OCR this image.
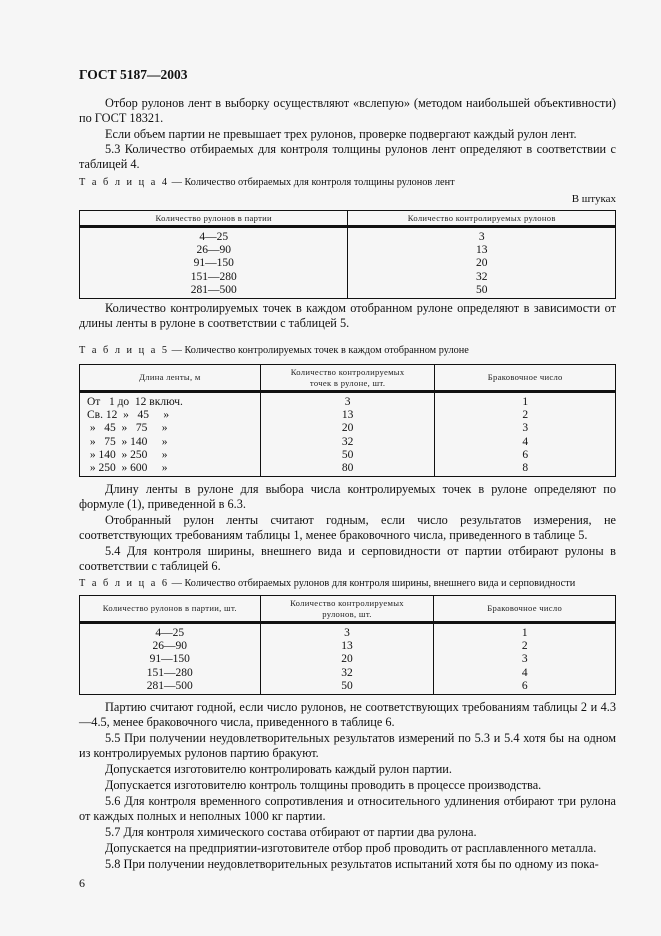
ГОСТ 5187—2003
Отбор рулонов лент в выборку осуществляют «вслепую» (методом наибольшей объективности) по ГОСТ 18321.
Если объем партии не превышает трех рулонов, проверке подвергают каждый рулон лент.
5.3 Количество отбираемых для контроля толщины рулонов лент определяют в соответствии с таблицей 4.
Т а б л и ц а 4 — Количество отбираемых для контроля толщины рулонов лент
В штуках
Количество рулонов в партии	Количество контролируемых рулонов
4—25	3
26—90	13
91—150	20
151—280	32
281—500	50
Количество контролируемых точек в каждом отобранном рулоне определяют в зависимости от длины ленты в рулоне в соответствии с таблицей 5.
Т а б л и ц а 5 — Количество контролируемых точек в каждом отобранном рулоне
Длина ленты, м	Количество контролируемых точек в рулоне, шт.	Браковочное число
От   1 до  12 включ.	3	1
Св. 12  »   45     »	13	2
»   45  »   75     »	20	3
»   75  » 140     »	32	4
» 140  » 250     »	50	6
» 250  » 600     »	80	8
Длину ленты в рулоне для выбора числа контролируемых точек в рулоне определяют по формуле (1), приведенной в 6.3.
Отобранный рулон ленты считают годным, если число результатов измерения, не соответствующих требованиям таблицы 1, менее браковочного числа, приведенного в таблице 5.
5.4 Для контроля ширины, внешнего вида и серповидности от партии отбирают рулоны в соответствии с таблицей 6.
Т а б л и ц а 6 — Количество отбираемых рулонов для контроля ширины, внешнего вида и серповидности
Количество рулонов в партии, шт.	Количество контролируемых рулонов, шт.	Браковочное число
4—25	3	1
26—90	13	2
91—150	20	3
151—280	32	4
281—500	50	6
Партию считают годной, если число рулонов, не соответствующих требованиям таблицы 2 и 4.3—4.5, менее браковочного числа, приведенного в таблице 6.
5.5 При получении неудовлетворительных результатов измерений по 5.3 и 5.4 хотя бы на одном из контролируемых рулонов партию бракуют.
Допускается изготовителю контролировать каждый рулон партии.
Допускается изготовителю контроль толщины проводить в процессе производства.
5.6 Для контроля временного сопротивления и относительного удлинения отбирают три рулона от каждых полных и неполных 1000 кг партии.
5.7 Для контроля химического состава отбирают от партии два рулона.
Допускается на предприятии-изготовителе отбор проб проводить от расплавленного металла.
5.8 При получении неудовлетворительных результатов испытаний хотя бы по одному из пока-
6
